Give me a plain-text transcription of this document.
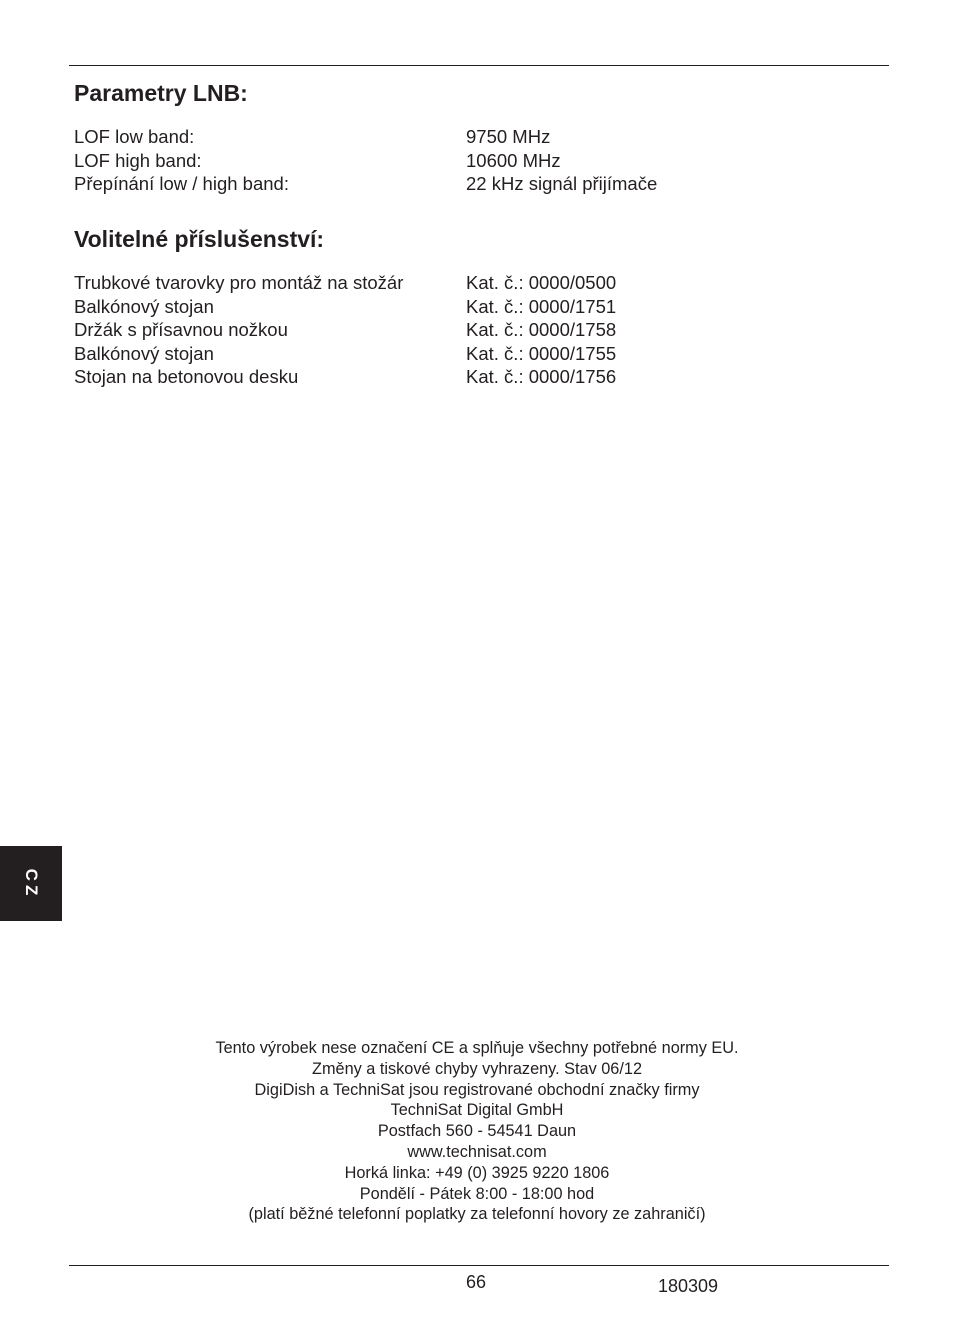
Parametry LNB:
LOF low band:	9750 MHz
LOF high band:	10600 MHz
Přepínání low / high band:	22 kHz signál přijímače
Volitelné příslušenství:
Trubkové tvarovky pro montáž na stožár	Kat. č.: 0000/0500
Balkónový stojan	Kat. č.: 0000/1751
Držák s přísavnou nožkou	Kat. č.: 0000/1758
Balkónový stojan	Kat. č.: 0000/1755
Stojan na betonovou desku	Kat. č.: 0000/1756
CZ
Tento výrobek nese označení CE a splňuje všechny potřebné normy EU.
Změny a tiskové chyby vyhrazeny. Stav 06/12
DigiDish a TechniSat jsou registrované obchodní značky firmy
TechniSat Digital GmbH
Postfach 560 - 54541 Daun
www.technisat.com
Horká linka: +49 (0) 3925 9220 1806
Pondělí - Pátek 8:00 - 18:00 hod
(platí běžné telefonní poplatky za telefonní hovory ze zahraničí)
66	180309
